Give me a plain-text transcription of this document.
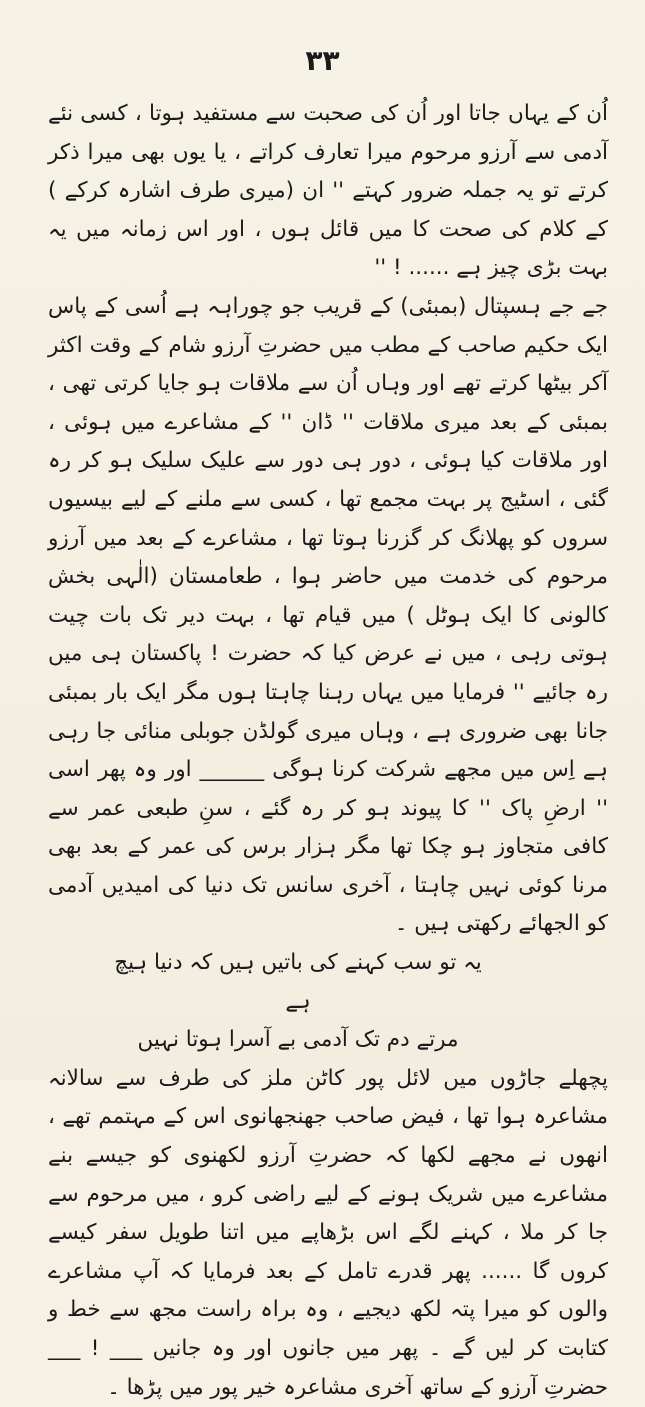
۳۳

اُن کے یہاں جاتا اور اُن کی صحبت سے مستفید ہوتا ، کسی نئے آدمی سے آرزو مرحوم میرا تعارف کراتے ، یا یوں بھی میرا ذکر کرتے تو یہ جملہ ضرور کہتے '' ان (میری طرف اشارہ کرکے ) کے کلام کی صحت کا میں قائل ہوں ، اور اس زمانہ میں یہ بہت بڑی چیز ہے ...... ! ''

جے جے ہسپتال (بمبئی) کے قریب جو چوراہہ ہے اُسی کے پاس ایک حکیم صاحب کے مطب میں حضرتِ آرزو شام کے وقت اکثر آکر بیٹھا کرتے تھے اور وہاں اُن سے ملاقات ہو جایا کرتی تھی ، بمبئی کے بعد میری ملاقات '' ڈان '' کے مشاعرے میں ہوئی ، اور ملاقات کیا ہوئی ، دور ہی دور سے علیک سلیک ہو کر رہ گئی ، اسٹیج پر بہت مجمع تھا ، کسی سے ملنے کے لیے بیسیوں سروں کو پھلانگ کر گزرنا ہوتا تھا ، مشاعرے کے بعد میں آرزو مرحوم کی خدمت میں حاضر ہوا ، طعامستان (الٰہی بخش کالونی کا ایک ہوٹل ) میں قیام تھا ، بہت دیر تک بات چیت ہوتی رہی ، میں نے عرض کیا کہ حضرت ! پاکستان ہی میں رہ جائیے '' فرمایا میں یہاں رہنا چاہتا ہوں مگر ایک بار بمبئی جانا بھی ضروری ہے ، وہاں میری گولڈن جوبلی منائی جا رہی ہے اِس میں مجھے شرکت کرنا ہوگی ______ اور وہ پھر اسی '' ارضِ پاک '' کا پیوند ہو کر رہ گئے ، سنِ طبعی عمر سے کافی متجاوز ہو چکا تھا مگر ہزار برس کی عمر کے بعد بھی مرنا کوئی نہیں چاہتا ، آخری سانس تک دنیا کی امیدیں آدمی کو الجھائے رکھتی ہیں ۔

یہ تو سب کہنے کی باتیں ہیں کہ دنیا ہیچ ہے

مرتے دم تک آدمی بے آسرا ہوتا نہیں

پچھلے جاڑوں میں لائل پور کاٹن ملز کی طرف سے سالانہ مشاعرہ ہوا تھا ، فیض صاحب جھنجھانوی اس کے مہتمم تھے ، انھوں نے مجھے لکھا کہ حضرتِ آرزو لکھنوی کو جیسے بنے مشاعرے میں شریک ہونے کے لیے راضی کرو ، میں مرحوم سے جا کر ملا ، کہنے لگے اس بڑھاپے میں اتنا طویل سفر کیسے کروں گا ...... پھر قدرے تامل کے بعد فرمایا کہ آپ مشاعرے والوں کو میرا پتہ لکھ دیجیے ، وہ براہ راست مجھ سے خط و کتابت کر لیں گے ۔ پھر میں جانوں اور وہ جانیں ___ ! ___ حضرتِ آرزو کے ساتھ آخری مشاعرہ خیر پور میں پڑھا ۔
